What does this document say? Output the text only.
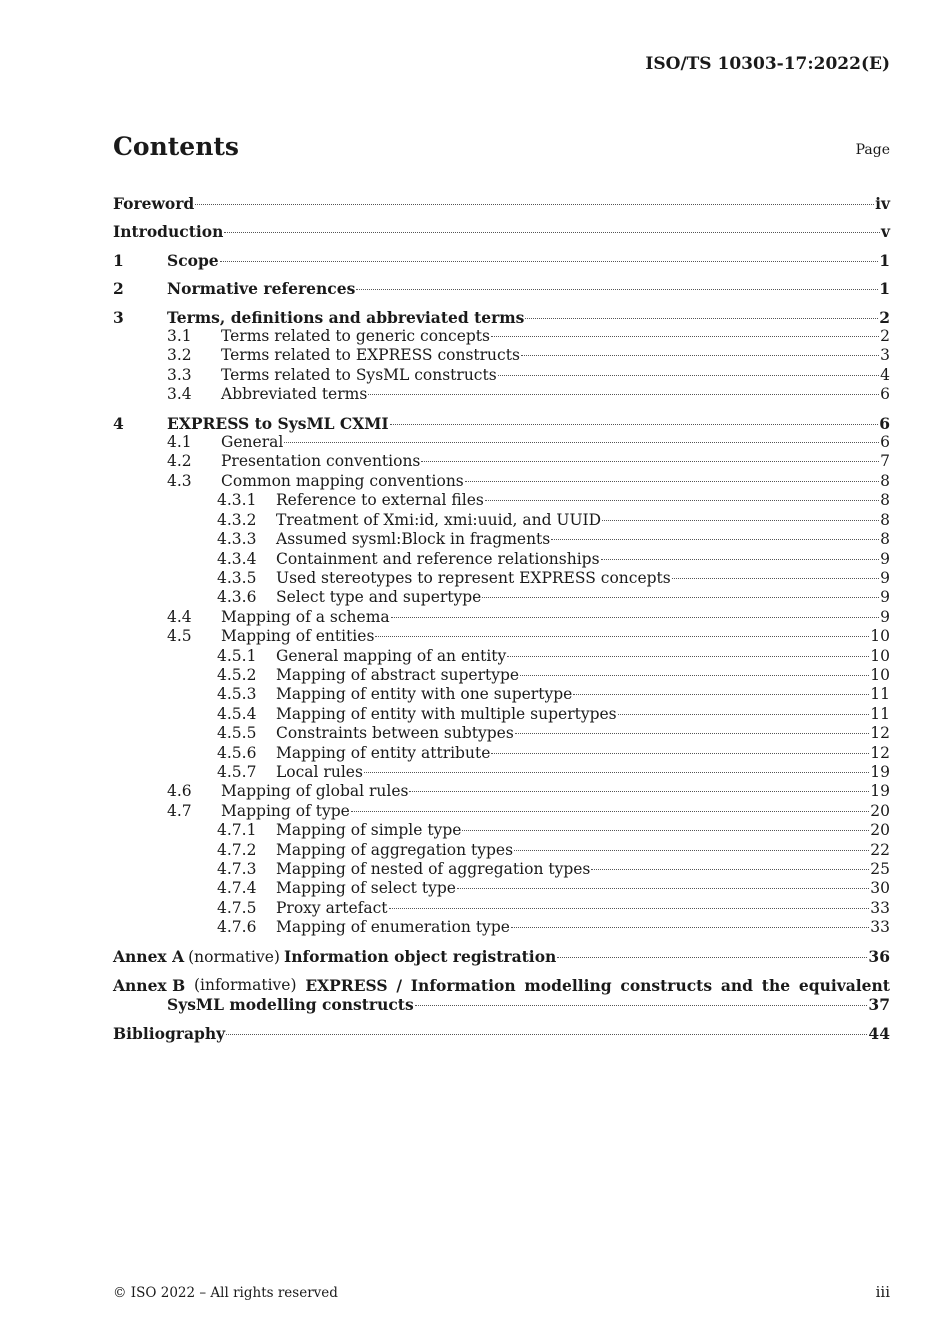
ISO/TS 10303-17:2022(E)
Contents	Page
Foreword	iv
Introduction	v
1	Scope	1
2	Normative references	1
3	Terms, definitions and abbreviated terms	2
3.1	Terms related to generic concepts	2
3.2	Terms related to EXPRESS constructs	3
3.3	Terms related to SysML constructs	4
3.4	Abbreviated terms	6
4	EXPRESS to SysML CXMI	6
4.1	General	6
4.2	Presentation conventions	7
4.3	Common mapping conventions	8
4.3.1	Reference to external files	8
4.3.2	Treatment of Xmi:id, xmi:uuid, and UUID	8
4.3.3	Assumed sysml:Block in fragments	8
4.3.4	Containment and reference relationships	9
4.3.5	Used stereotypes to represent EXPRESS concepts	9
4.3.6	Select type and supertype	9
4.4	Mapping of a schema	9
4.5	Mapping of entities	10
4.5.1	General mapping of an entity	10
4.5.2	Mapping of abstract supertype	10
4.5.3	Mapping of entity with one supertype	11
4.5.4	Mapping of entity with multiple supertypes	11
4.5.5	Constraints between subtypes	12
4.5.6	Mapping of entity attribute	12
4.5.7	Local rules	19
4.6	Mapping of global rules	19
4.7	Mapping of type	20
4.7.1	Mapping of simple type	20
4.7.2	Mapping of aggregation types	22
4.7.3	Mapping of nested of aggregation types	25
4.7.4	Mapping of select type	30
4.7.5	Proxy artefact	33
4.7.6	Mapping of enumeration type	33
Annex A (normative) Information object registration	36
Annex B (informative) EXPRESS / Information modelling constructs and the equivalent
SysML modelling constructs	37
Bibliography	44
© ISO 2022 – All rights reserved	iii
